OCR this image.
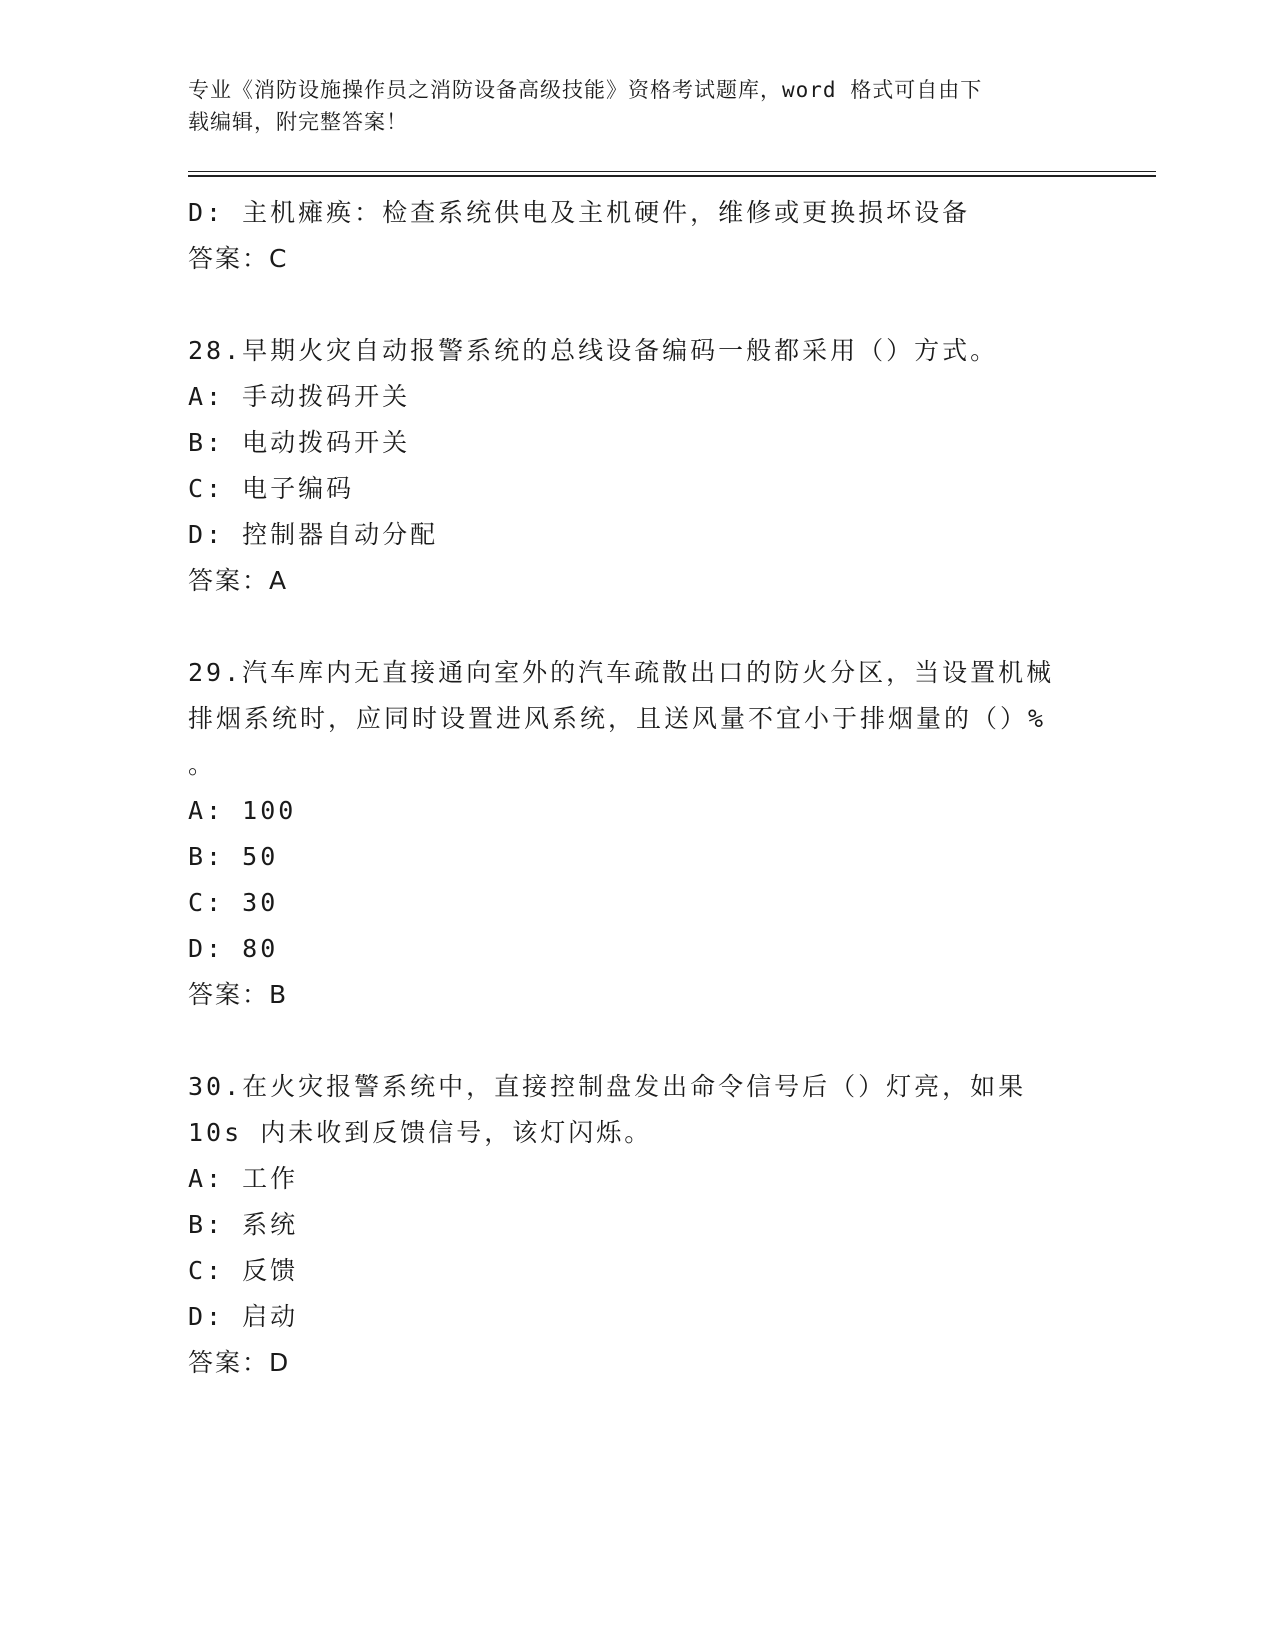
专业《消防设施操作员之消防设备高级技能》资格考试题库，word 格式可自由下
载编辑，附完整答案！
D: 主机瘫痪：检查系统供电及主机硬件，维修或更换损坏设备
答案：C
28.早期火灾自动报警系统的总线设备编码一般都采用（）方式。
A: 手动拨码开关
B: 电动拨码开关
C: 电子编码
D: 控制器自动分配
答案：A
29.汽车库内无直接通向室外的汽车疏散出口的防火分区，当设置机械
排烟系统时，应同时设置进风系统，且送风量不宜小于排烟量的（）%
。
A: 100
B: 50
C: 30
D: 80
答案：B
30.在火灾报警系统中，直接控制盘发出命令信号后（）灯亮，如果
10s 内未收到反馈信号，该灯闪烁。
A: 工作
B: 系统
C: 反馈
D: 启动
答案：D
